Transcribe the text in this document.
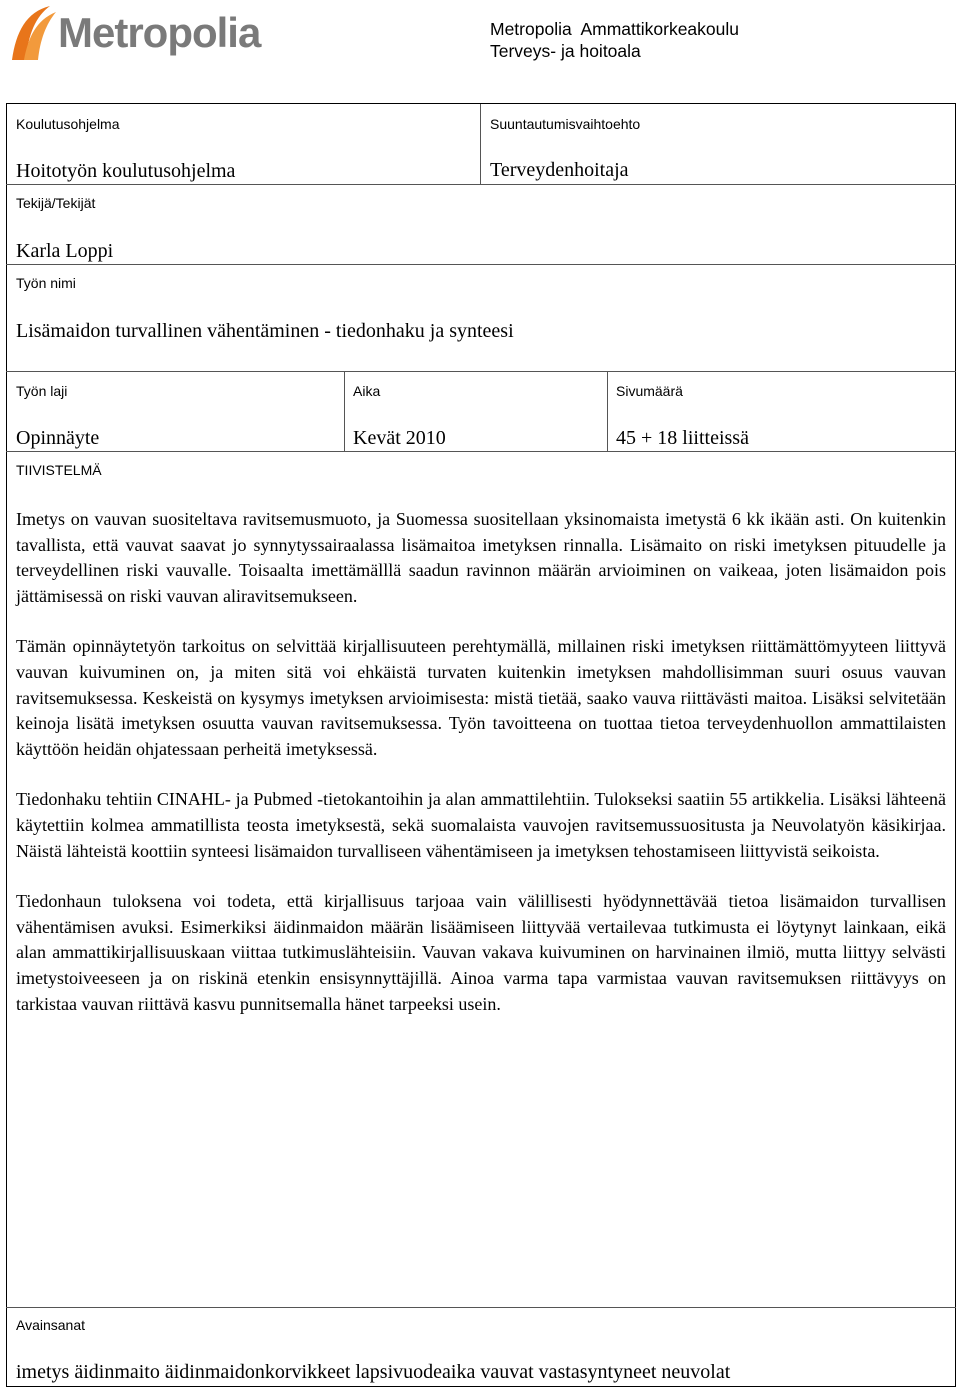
Metropolia	Metropolia  Ammattikorkeakoulu
Terveys- ja hoitoala
Koulutusohjelma
Hoitotyön koulutusohjelma
Suuntautumisvaihtoehto
Terveydenhoitaja
Tekijä/Tekijät
Karla Loppi
Työn nimi
Lisämaidon turvallinen vähentäminen - tiedonhaku ja synteesi
Työn laji
Opinnäyte
Aika
Kevät 2010
Sivumäärä
45 + 18 liitteissä
TIIVISTELMÄ

Imetys on vauvan suositeltava ravitsemusmuoto, ja Suomessa suositellaan yksinomaista imetystä 6 kk ikään asti. On kuitenkin tavallista, että vauvat saavat jo synnytyssairaalassa lisämaitoa imetyksen rinnalla. Lisämaito on riski imetyksen pituudelle ja terveydellinen riski vauvalle. Toisaalta imettämälllä saadun ravinnon määrän arvioiminen on vaikeaa, joten lisämaidon pois jättämisessä on riski vauvan aliravitsemukseen.

Tämän opinnäytetyön tarkoitus on selvittää kirjallisuuteen perehtymällä, millainen riski imetyksen riittämättömyyteen liittyvä vauvan kuivuminen on, ja miten sitä voi ehkäistä turvaten kuitenkin imetyksen mahdollisimman suuri osuus vauvan ravitsemuksessa. Keskeistä on kysymys imetyksen arvioimisesta: mistä tietää, saako vauva riittävästi maitoa. Lisäksi selvitetään keinoja lisätä imetyksen osuutta vauvan ravitsemuksessa. Työn tavoitteena on tuottaa tietoa terveydenhuollon ammattilaisten käyttöön heidän ohjatessaan perheitä imetyksessä.

Tiedonhaku tehtiin CINAHL- ja Pubmed -tietokantoihin ja alan ammattilehtiin. Tulokseksi saatiin 55 artikkelia. Lisäksi lähteenä käytettiin kolmea ammatillista teosta imetyksestä, sekä suomalaista vauvojen ravitsemussuositusta ja Neuvolatyön käsikirjaa. Näistä lähteistä koottiin synteesi lisämaidon turvalliseen vähentämiseen ja imetyksen tehostamiseen liittyvistä seikoista.

Tiedonhaun tuloksena voi todeta, että kirjallisuus tarjoaa vain välillisesti hyödynnettävää tietoa lisämaidon turvallisen vähentämisen avuksi. Esimerkiksi äidinmaidon määrän lisäämiseen liittyvää vertailevaa tutkimusta ei löytynyt lainkaan, eikä alan ammattikirjallisuuskaan viittaa tutkimuslähteisiin. Vauvan vakava kuivuminen on harvinainen ilmiö, mutta liittyy selvästi imetystoiveeseen ja on riskinä etenkin ensisynnyttäjillä. Ainoa varma tapa varmistaa vauvan ravitsemuksen riittävyys on tarkistaa vauvan riittävä kasvu punnitsemalla hänet tarpeeksi usein.

Avainsanat
imetys äidinmaito äidinmaidonkorvikkeet lapsivuodeaika vauvat vastasyntyneet neuvolat
